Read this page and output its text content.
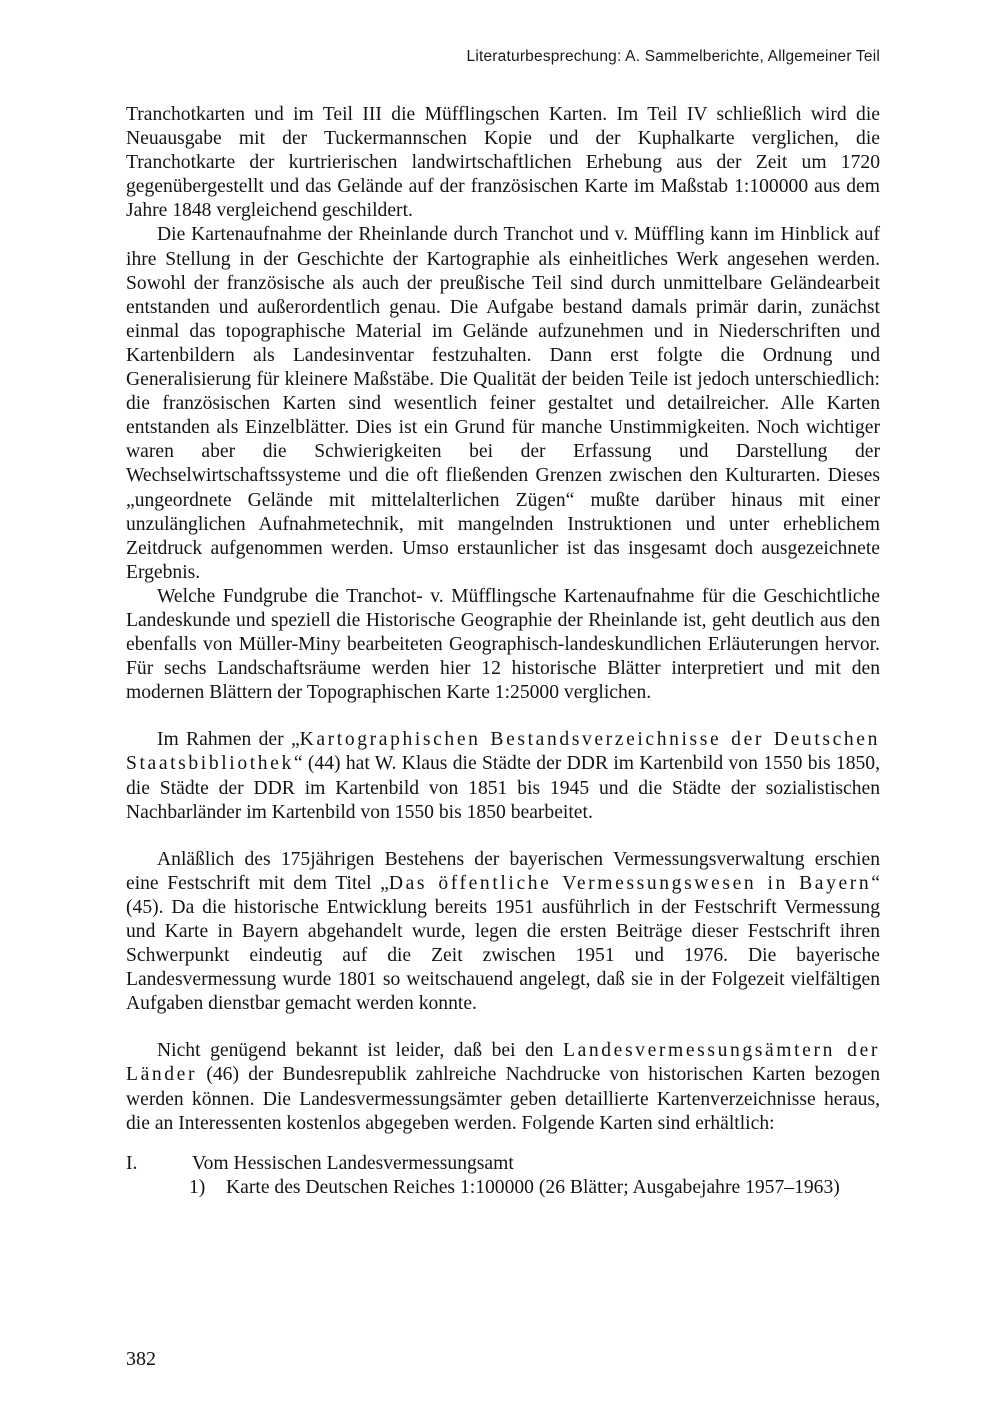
Literaturbesprechung: A. Sammelberichte, Allgemeiner Teil

Tranchotkarten und im Teil III die Müfflingschen Karten. Im Teil IV schließlich wird die Neuausgabe mit der Tuckermannschen Kopie und der Kuphalkarte verglichen, die Tranchotkarte der kurtrierischen landwirtschaftlichen Erhebung aus der Zeit um 1720 gegenübergestellt und das Gelände auf der französischen Karte im Maßstab 1:100000 aus dem Jahre 1848 vergleichend geschildert.

Die Kartenaufnahme der Rheinlande durch Tranchot und v. Müffling kann im Hinblick auf ihre Stellung in der Geschichte der Kartographie als einheitliches Werk angesehen werden. Sowohl der französische als auch der preußische Teil sind durch unmittelbare Geländearbeit entstanden und außerordentlich genau. Die Aufgabe bestand damals primär darin, zunächst einmal das topographische Material im Gelände aufzunehmen und in Niederschriften und Kartenbildern als Landesinventar festzuhalten. Dann erst folgte die Ordnung und Generalisierung für kleinere Maßstäbe. Die Qualität der beiden Teile ist jedoch unterschiedlich: die französischen Karten sind wesentlich feiner gestaltet und detailreicher. Alle Karten entstanden als Einzelblätter. Dies ist ein Grund für manche Unstimmigkeiten. Noch wichtiger waren aber die Schwierigkeiten bei der Erfassung und Darstellung der Wechselwirtschaftssysteme und die oft fließenden Grenzen zwischen den Kulturarten. Dieses „ungeordnete Gelände mit mittelalterlichen Zügen“ mußte darüber hinaus mit einer unzulänglichen Aufnahmetechnik, mit mangelnden Instruktionen und unter erheblichem Zeitdruck aufgenommen werden. Umso erstaunlicher ist das insgesamt doch ausgezeichnete Ergebnis.

Welche Fundgrube die Tranchot- v. Müfflingsche Kartenaufnahme für die Geschichtliche Landeskunde und speziell die Historische Geographie der Rheinlande ist, geht deutlich aus den ebenfalls von Müller-Miny bearbeiteten Geographisch-landeskundlichen Erläuterungen hervor. Für sechs Landschaftsräume werden hier 12 historische Blätter interpretiert und mit den modernen Blättern der Topographischen Karte 1:25000 verglichen.

Im Rahmen der „Kartographischen Bestandsverzeichnisse der Deutschen Staatsbibliothek“ (44) hat W. Klaus die Städte der DDR im Kartenbild von 1550 bis 1850, die Städte der DDR im Kartenbild von 1851 bis 1945 und die Städte der sozialistischen Nachbarländer im Kartenbild von 1550 bis 1850 bearbeitet.

Anläßlich des 175jährigen Bestehens der bayerischen Vermessungsverwaltung erschien eine Festschrift mit dem Titel „Das öffentliche Vermessungswesen in Bayern“ (45). Da die historische Entwicklung bereits 1951 ausführlich in der Festschrift Vermessung und Karte in Bayern abgehandelt wurde, legen die ersten Beiträge dieser Festschrift ihren Schwerpunkt eindeutig auf die Zeit zwischen 1951 und 1976. Die bayerische Landesvermessung wurde 1801 so weitschauend angelegt, daß sie in der Folgezeit vielfältigen Aufgaben dienstbar gemacht werden konnte.

Nicht genügend bekannt ist leider, daß bei den Landesvermessungsämtern der Länder (46) der Bundesrepublik zahlreiche Nachdrucke von historischen Karten bezogen werden können. Die Landesvermessungsämter geben detaillierte Kartenverzeichnisse heraus, die an Interessenten kostenlos abgegeben werden. Folgende Karten sind erhältlich:

I.	Vom Hessischen Landesvermessungsamt
1) Karte des Deutschen Reiches 1:100000 (26 Blätter; Ausgabejahre 1957–1963)
382
